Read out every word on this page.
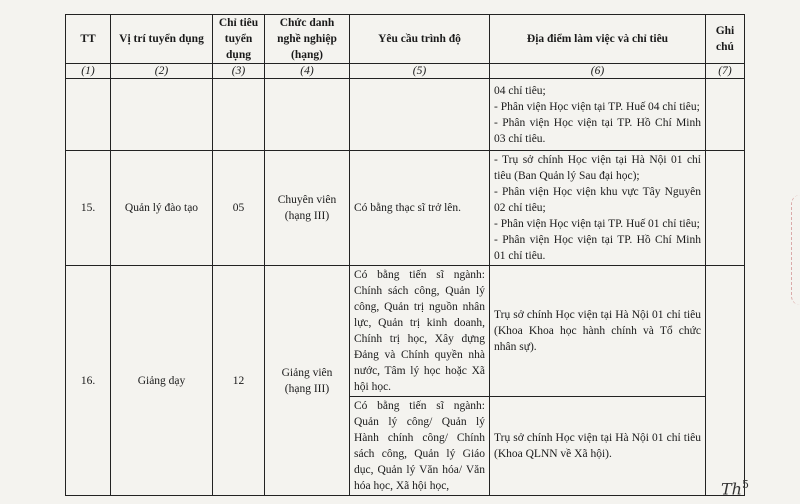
TT	Vị trí tuyển dụng	Chỉ tiêu tuyển dụng	Chức danh nghề nghiệp (hạng)	Yêu cầu trình độ	Địa điểm làm việc và chỉ tiêu	Ghi chú
(1)	(2)	(3)	(4)	(5)	(6)	(7)

					04 chỉ tiêu;
- Phân viện Học viện tại TP. Huế 04 chỉ tiêu;
- Phân viện Học viện tại TP. Hồ Chí Minh 03 chỉ tiêu.	

15.	Quản lý đào tạo	05	Chuyên viên (hạng III)	Có bằng thạc sĩ trở lên.	- Trụ sở chính Học viện tại Hà Nội 01 chỉ tiêu (Ban Quản lý Sau đại học);
- Phân viện Học viện khu vực Tây Nguyên 02 chỉ tiêu;
- Phân viện Học viện tại TP. Huế 01 chỉ tiêu;
- Phân viện Học viện tại TP. Hồ Chí Minh 01 chỉ tiêu.	

16.	Giảng dạy	12	Giảng viên (hạng III)	Có bằng tiến sĩ ngành: Chính sách công, Quản lý công, Quản trị nguồn nhân lực, Quản trị kinh doanh, Chính trị học, Xây dựng Đảng và Chính quyền nhà nước, Tâm lý học hoặc Xã hội học.	Trụ sở chính Học viện tại Hà Nội 01 chỉ tiêu (Khoa Khoa học hành chính và Tổ chức nhân sự).	
				Có bằng tiến sĩ ngành: Quản lý công/ Quản lý Hành chính công/ Chính sách công, Quản lý Giáo dục, Quản lý Văn hóa/ Văn hóa học, Xã hội học,	Trụ sở chính Học viện tại Hà Nội 01 chỉ tiêu (Khoa QLNN về Xã hội).	
Th$^5$
